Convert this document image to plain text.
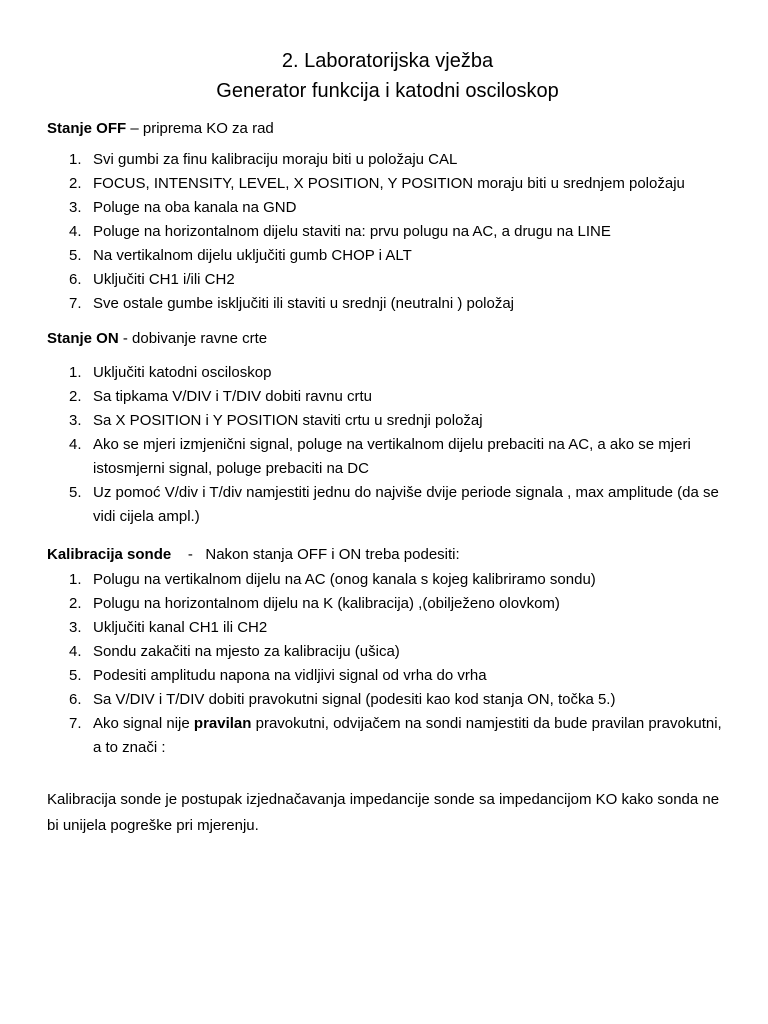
2. Laboratorijska vježba

Generator funkcija i katodni osciloskop

Stanje OFF – priprema KO za rad

1. Svi gumbi za finu kalibraciju moraju biti u položaju CAL
2. FOCUS, INTENSITY, LEVEL, X POSITION, Y POSITION moraju biti u srednjem položaju
3. Poluge na oba kanala na GND
4. Poluge na horizontalnom dijelu staviti na: prvu polugu na AC, a drugu na LINE
5. Na vertikalnom dijelu uključiti gumb CHOP i ALT
6. Uključiti CH1 i/ili CH2
7. Sve ostale gumbe isključiti ili staviti u srednji (neutralni ) položaj

Stanje ON - dobivanje ravne crte

1. Uključiti katodni osciloskop
2. Sa tipkama V/DIV i T/DIV dobiti ravnu crtu
3. Sa X POSITION i Y POSITION staviti crtu u srednji položaj
4. Ako se mjeri izmjenični signal, poluge na vertikalnom dijelu prebaciti na AC, a ako se mjeri istosmjerni signal, poluge prebaciti na DC
5. Uz pomoć V/div i T/div namjestiti jednu do najviše dvije periode signala , max amplitude (da se vidi cijela ampl.)

Kalibracija sonde    -   Nakon stanja OFF i ON treba podesiti:

1. Polugu na vertikalnom dijelu na AC (onog kanala s kojeg kalibriramo sondu)
2. Polugu na horizontalnom dijelu na K (kalibracija) ,(obilježeno olovkom)
3. Uključiti kanal CH1 ili CH2
4. Sondu zakačiti na mjesto za kalibraciju (ušica)
5. Podesiti amplitudu napona na vidljivi signal od vrha do vrha
6. Sa V/DIV i T/DIV dobiti pravokutni signal (podesiti kao kod stanja ON, točka 5.)
7. Ako signal nije pravilan pravokutni, odvijačem na sondi namjestiti da bude pravilan pravokutni, a to znači :

Kalibracija sonde je postupak izjednačavanja impedancije sonde sa impedancijom KO kako sonda ne bi unijela pogreške pri mjerenju.
